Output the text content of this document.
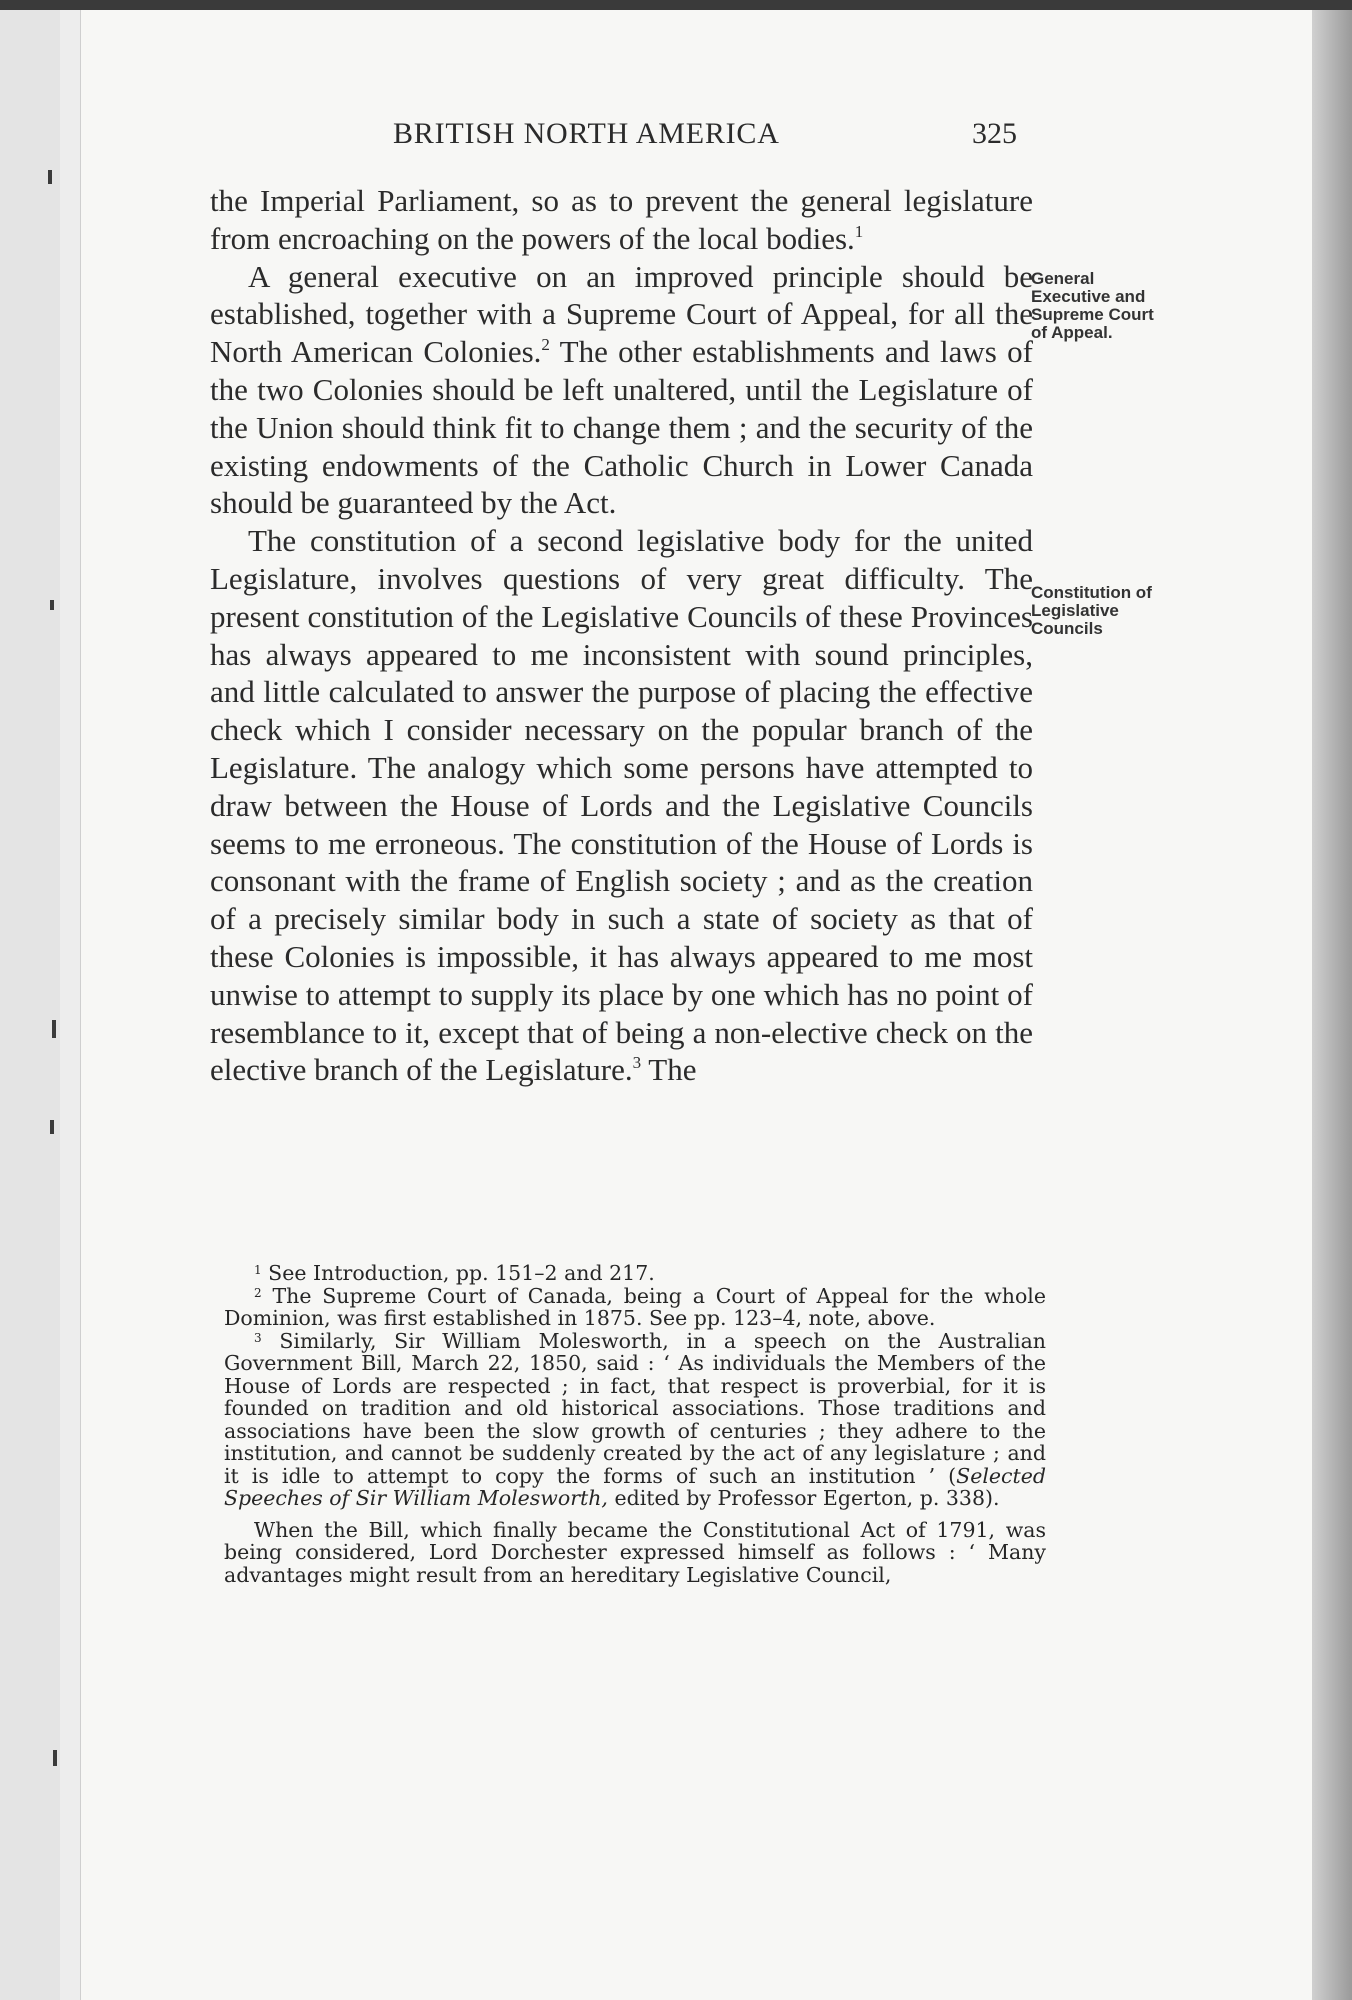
BRITISH NORTH AMERICA	325

the Imperial Parliament, so as to prevent the general legislature from encroaching on the powers of the local bodies.$^1$

A general executive on an improved principle should be established, together with a Supreme Court of Appeal, for all the North American Colonies.$^2$ The other establishments and laws of the two Colonies should be left unaltered, until the Legislature of the Union should think fit to change them ; and the security of the existing endowments of the Catholic Church in Lower Canada should be guaranteed by the Act.

The constitution of a second legislative body for the united Legislature, involves questions of very great difficulty. The present constitution of the Legislative Councils of these Provinces has always appeared to me inconsistent with sound principles, and little calculated to answer the purpose of placing the effective check which I consider necessary on the popular branch of the Legislature. The analogy which some persons have attempted to draw between the House of Lords and the Legislative Councils seems to me erroneous. The constitution of the House of Lords is consonant with the frame of English society ; and as the creation of a precisely similar body in such a state of society as that of these Colonies is impossible, it has always appeared to me most unwise to attempt to supply its place by one which has no point of resemblance to it, except that of being a non-elective check on the elective branch of the Legislature.$^3$ The

General Executive and Supreme Court of Appeal.
Constitution of Legislative Councils

$^1$ See Introduction, pp. 151–2 and 217.

$^2$ The Supreme Court of Canada, being a Court of Appeal for the whole Dominion, was first established in 1875. See pp. 123–4, note, above.

$^3$ Similarly, Sir William Molesworth, in a speech on the Australian Government Bill, March 22, 1850, said : ‘ As individuals the Members of the House of Lords are respected ; in fact, that respect is proverbial, for it is founded on tradition and old historical associations. Those traditions and associations have been the slow growth of centuries ; they adhere to the institution, and cannot be suddenly created by the act of any legislature ; and it is idle to attempt to copy the forms of such an institution ’ (Selected Speeches of Sir William Molesworth, edited by Professor Egerton, p. 338).

When the Bill, which finally became the Constitutional Act of 1791, was being considered, Lord Dorchester expressed himself as follows : ‘ Many advantages might result from an hereditary Legislative Council,
